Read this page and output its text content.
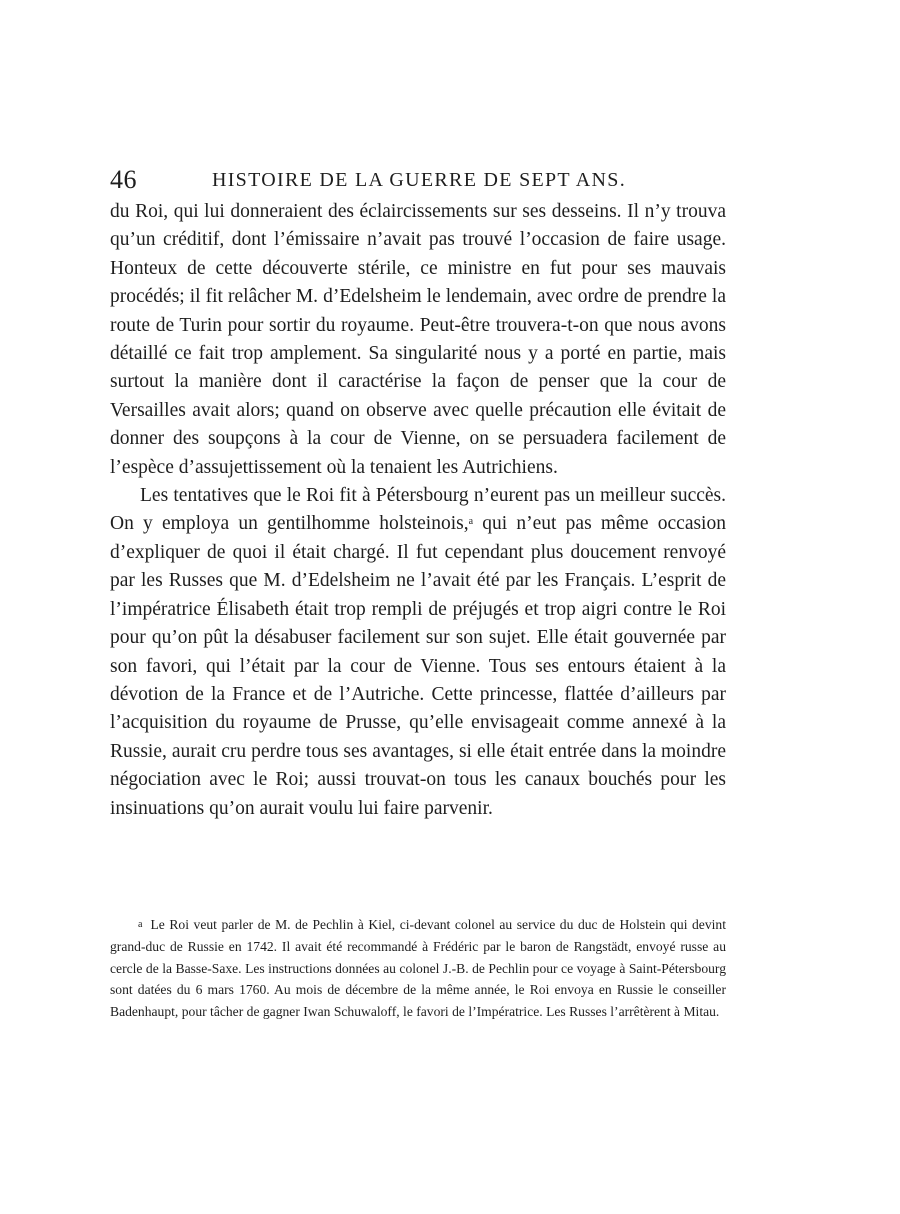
46	HISTOIRE DE LA GUERRE DE SEPT ANS.

du Roi, qui lui donneraient des éclaircissements sur ses desseins. Il n’y trouva qu’un créditif, dont l’émissaire n’avait pas trouvé l’occasion de faire usage. Honteux de cette découverte stérile, ce ministre en fut pour ses mauvais procédés; il fit relâcher M. d’Edelsheim le lendemain, avec ordre de prendre la route de Turin pour sortir du royaume. Peut-être trouvera-t-on que nous avons détaillé ce fait trop amplement. Sa singularité nous y a porté en partie, mais surtout la manière dont il caractérise la façon de penser que la cour de Versailles avait alors; quand on observe avec quelle précaution elle évitait de donner des soupçons à la cour de Vienne, on se persuadera facilement de l’espèce d’assujettissement où la tenaient les Autrichiens.

Les tentatives que le Roi fit à Pétersbourg n’eurent pas un meilleur succès. On y employa un gentilhomme holsteinois,$^a$ qui n’eut pas même occasion d’expliquer de quoi il était chargé. Il fut cependant plus doucement renvoyé par les Russes que M. d’Edelsheim ne l’avait été par les Français. L’esprit de l’impératrice Élisabeth était trop rempli de préjugés et trop aigri contre le Roi pour qu’on pût la désabuser facilement sur son sujet. Elle était gouvernée par son favori, qui l’était par la cour de Vienne. Tous ses entours étaient à la dévotion de la France et de l’Autriche. Cette princesse, flattée d’ailleurs par l’acquisition du royaume de Prusse, qu’elle envisageait comme annexé à la Russie, aurait cru perdre tous ses avantages, si elle était entrée dans la moindre négociation avec le Roi; aussi trouvat-on tous les canaux bouchés pour les insinuations qu’on aurait voulu lui faire parvenir.

$^a$ Le Roi veut parler de M. de Pechlin à Kiel, ci-devant colonel au service du duc de Holstein qui devint grand-duc de Russie en 1742. Il avait été recommandé à Frédéric par le baron de Rangstädt, envoyé russe au cercle de la Basse-Saxe. Les instructions données au colonel J.-B. de Pechlin pour ce voyage à Saint-Pétersbourg sont datées du 6 mars 1760. Au mois de décembre de la même année, le Roi envoya en Russie le conseiller Badenhaupt, pour tâcher de gagner Iwan Schuwaloff, le favori de l’Impératrice. Les Russes l’arrêtèrent à Mitau.
